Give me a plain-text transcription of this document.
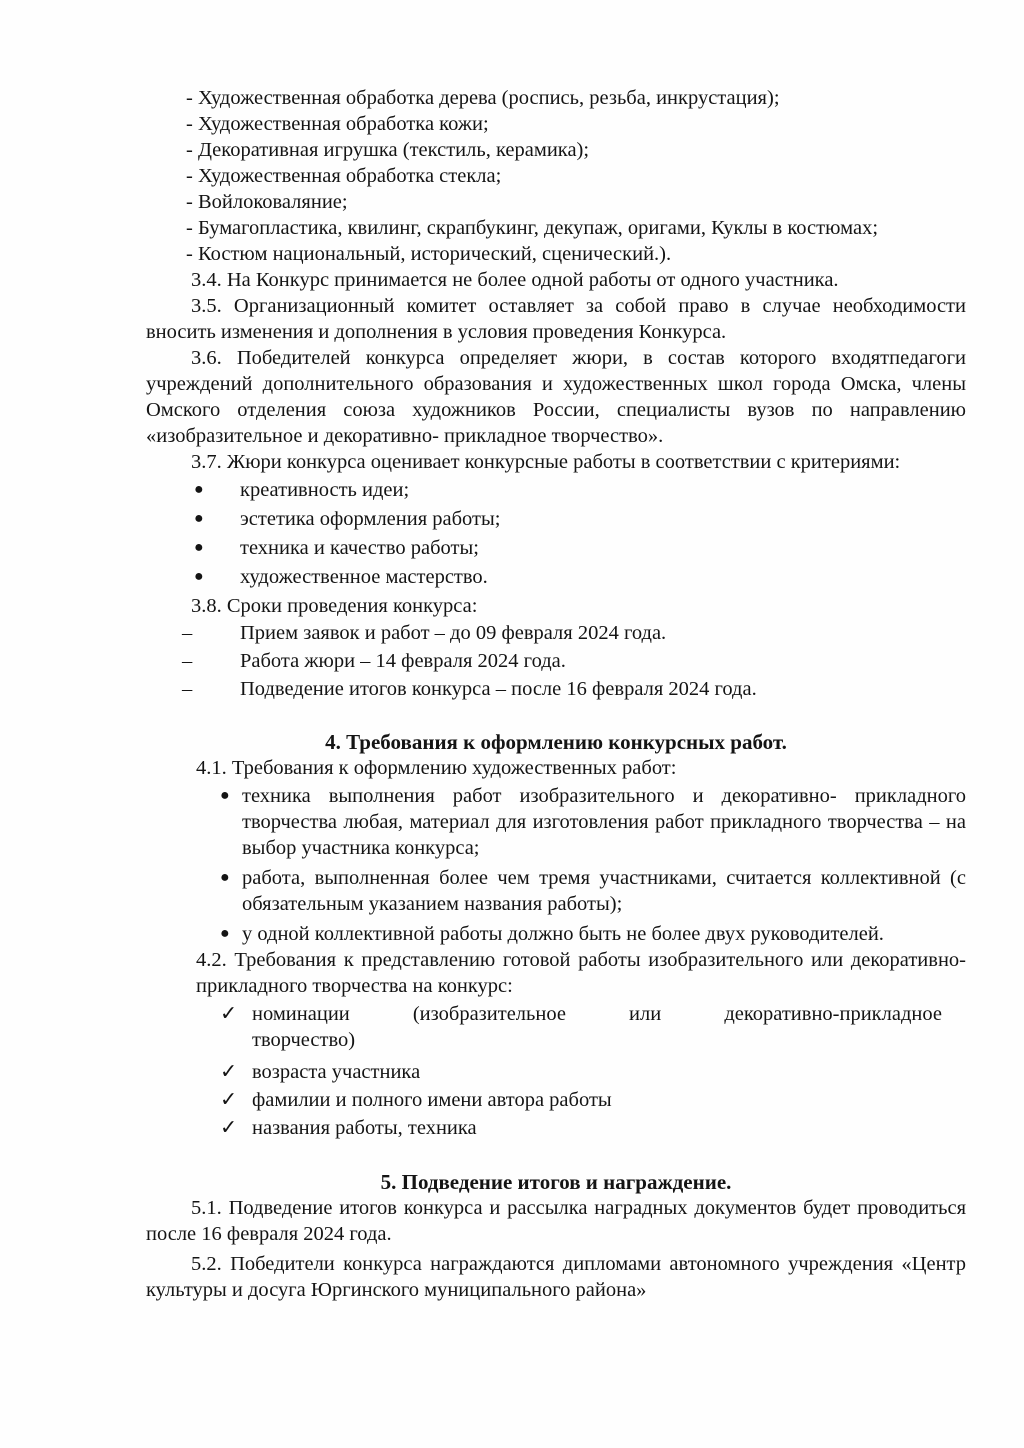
- Художественная обработка дерева (роспись, резьба, инкрустация);

- Художественная обработка кожи;

- Декоративная игрушка (текстиль, керамика);

- Художественная обработка стекла;

- Войлоковаляние;

- Бумагопластика, квилинг, скрапбукинг, декупаж, оригами, Куклы в костюмах;

- Костюм национальный, исторический, сценический.).

3.4. На Конкурс принимается не более одной работы от одного участника.

3.5. Организационный комитет оставляет за собой право в случае необходимости вносить изменения и дополнения в условия проведения Конкурса.

3.6. Победителей конкурса определяет жюри, в состав которого входятпедагоги учреждений дополнительного образования и художественных школ города Омска, члены Омского отделения союза художников России, специалисты вузов по направлению «изобразительное и декоративно- прикладное творчество».

3.7. Жюри конкурса оценивает конкурсные работы в соответствии с критериями:

●	креативность идеи;
●	эстетика оформления работы;
●	техника и качество работы;
●	художественное мастерство.

3.8. Сроки проведения конкурса:

–	Прием заявок и работ – до 09 февраля 2024 года.
–	Работа жюри – 14 февраля 2024 года.
–	Подведение итогов конкурса – после 16 февраля 2024 года.
4. Требования к оформлению конкурсных работ.

4.1. Требования к оформлению художественных работ:

● техника выполнения работ изобразительного и декоративно- прикладного творчества любая, материал для изготовления работ прикладного творчества – на выбор участника конкурса;
● работа, выполненная более чем тремя участниками, считается коллективной (с обязательным указанием названия работы);
● у одной коллективной работы должно быть не более двух руководителей.

4.2. Требования к представлению готовой работы изобразительного или декоративно-прикладного творчества на конкурс:

✓ номинации	(изобразительное	или	декоративно-прикладное
творчество)
✓ возраста участника
✓ фамилии и полного имени автора работы
✓ названия работы, техника
5. Подведение итогов и награждение.

5.1. Подведение итогов конкурса и рассылка наградных документов будет проводиться после 16 февраля 2024 года.

5.2. Победители конкурса награждаются дипломами автономного учреждения «Центр культуры и досуга Юргинского муниципального района»
